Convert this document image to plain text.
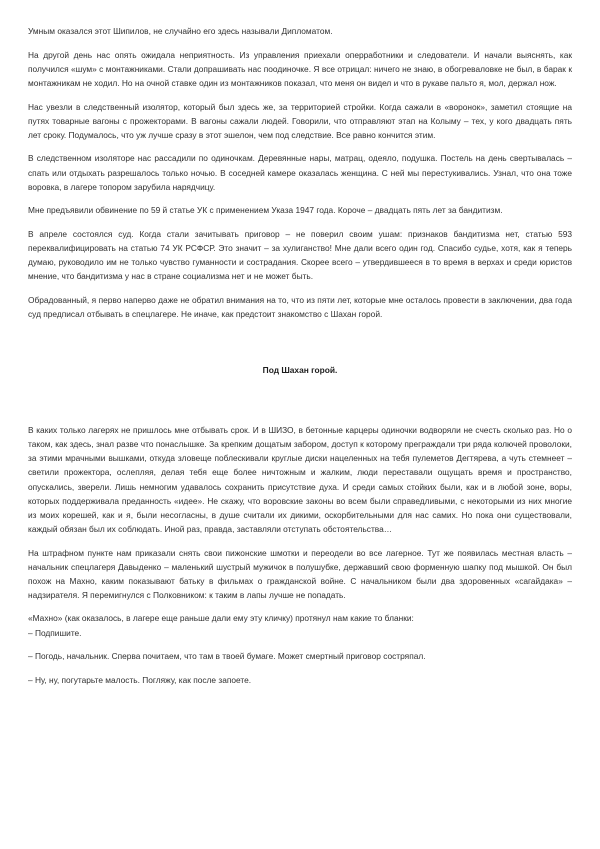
Умным оказался этот Шипилов, не случайно его здесь называли Дипломатом.

На другой день нас опять ожидала неприятность. Из управления приехали оперработники и следователи. И начали выяснять, как получился «шум» с монтажниками. Стали допрашивать нас поодиночке. Я все отрицал: ничего не знаю, в обогреваловке не был, в барак к монтажникам не ходил. Но на очной ставке один из монтажников показал, что меня он видел и что в рукаве пальто я, мол, держал нож.

Нас увезли в следственный изолятор, который был здесь же, за территорией стройки. Когда сажали в «воронок», заметил стоящие на путях товарные вагоны с прожекторами. В вагоны сажали людей. Говорили, что отправляют этап на Колыму – тех, у кого двадцать пять лет сроку. Подумалось, что уж лучше сразу в этот эшелон, чем под следствие. Все равно кончится этим.

В следственном изоляторе нас рассадили по одиночкам. Деревянные нары, матрац, одеяло, подушка. Постель на день свертывалась – спать или отдыхать разрешалось только ночью. В соседней камере оказалась женщина. С ней мы перестукивались. Узнал, что она тоже воровка, в лагере топором зарубила нарядчицу.

Мне предъявили обвинение по 59 й статье УК с применением Указа 1947 года. Короче – двадцать пять лет за бандитизм.

В апреле состоялся суд. Когда стали зачитывать приговор – не поверил своим ушам: признаков бандитизма нет, статью 593 переквалифицировать на статью 74 УК РСФСР. Это значит – за хулиганство! Мне дали всего один год. Спасибо судье, хотя, как я теперь думаю, руководило им не только чувство гуманности и сострадания. Скорее всего – утвердившееся в то время в верхах и среди юристов мнение, что бандитизма у нас в стране социализма нет и не может быть.

Обрадованный, я перво наперво даже не обратил внимания на то, что из пяти лет, которые мне осталось провести в заключении, два года суд предписал отбывать в спецлагере. Не иначе, как предстоит знакомство с Шахан горой.

Под Шахан горой.

В каких только лагерях не пришлось мне отбывать срок. И в ШИЗО, в бетонные карцеры одиночки водворяли не счесть сколько раз. Но о таком, как здесь, знал разве что понаслышке. За крепким дощатым забором, доступ к которому преграждали три ряда колючей проволоки, за этими мрачными вышками, откуда зловеще поблескивали круглые диски нацеленных на тебя пулеметов Дегтярева, а чуть стемнеет – светили прожектора, ослепляя, делая тебя еще более ничтожным и жалким, люди переставали ощущать время и пространство, опускались, зверели. Лишь немногим удавалось сохранить присутствие духа. И среди самых стойких были, как и в любой зоне, воры, которых поддерживала преданность «идее». Не скажу, что воровские законы во всем были справедливыми, с некоторыми из них многие из моих корешей, как и я, были несогласны, в душе считали их дикими, оскорбительными для нас самих. Но пока они существовали, каждый обязан был их соблюдать. Иной раз, правда, заставляли отступать обстоятельства…

На штрафном пункте нам приказали снять свои пижонские шмотки и переодели во все лагерное. Тут же появилась местная власть – начальник спецлагеря Давыденко – маленький шустрый мужичок в полушубке, державший свою форменную шапку под мышкой. Он был похож на Махно, каким показывают батьку в фильмах о гражданской войне. С начальником были два здоровенных «сагайдака» – надзирателя. Я перемигнулся с Полковником: к таким в лапы лучше не попадать.

«Махно» (как оказалось, в лагере еще раньше дали ему эту кличку) протянул нам какие то бланки:

– Подпишите.

– Погодь, начальник. Сперва почитаем, что там в твоей бумаге. Может смертный приговор состряпал.

– Ну, ну, погутарьте малость. Погляжу, как после запоете.
